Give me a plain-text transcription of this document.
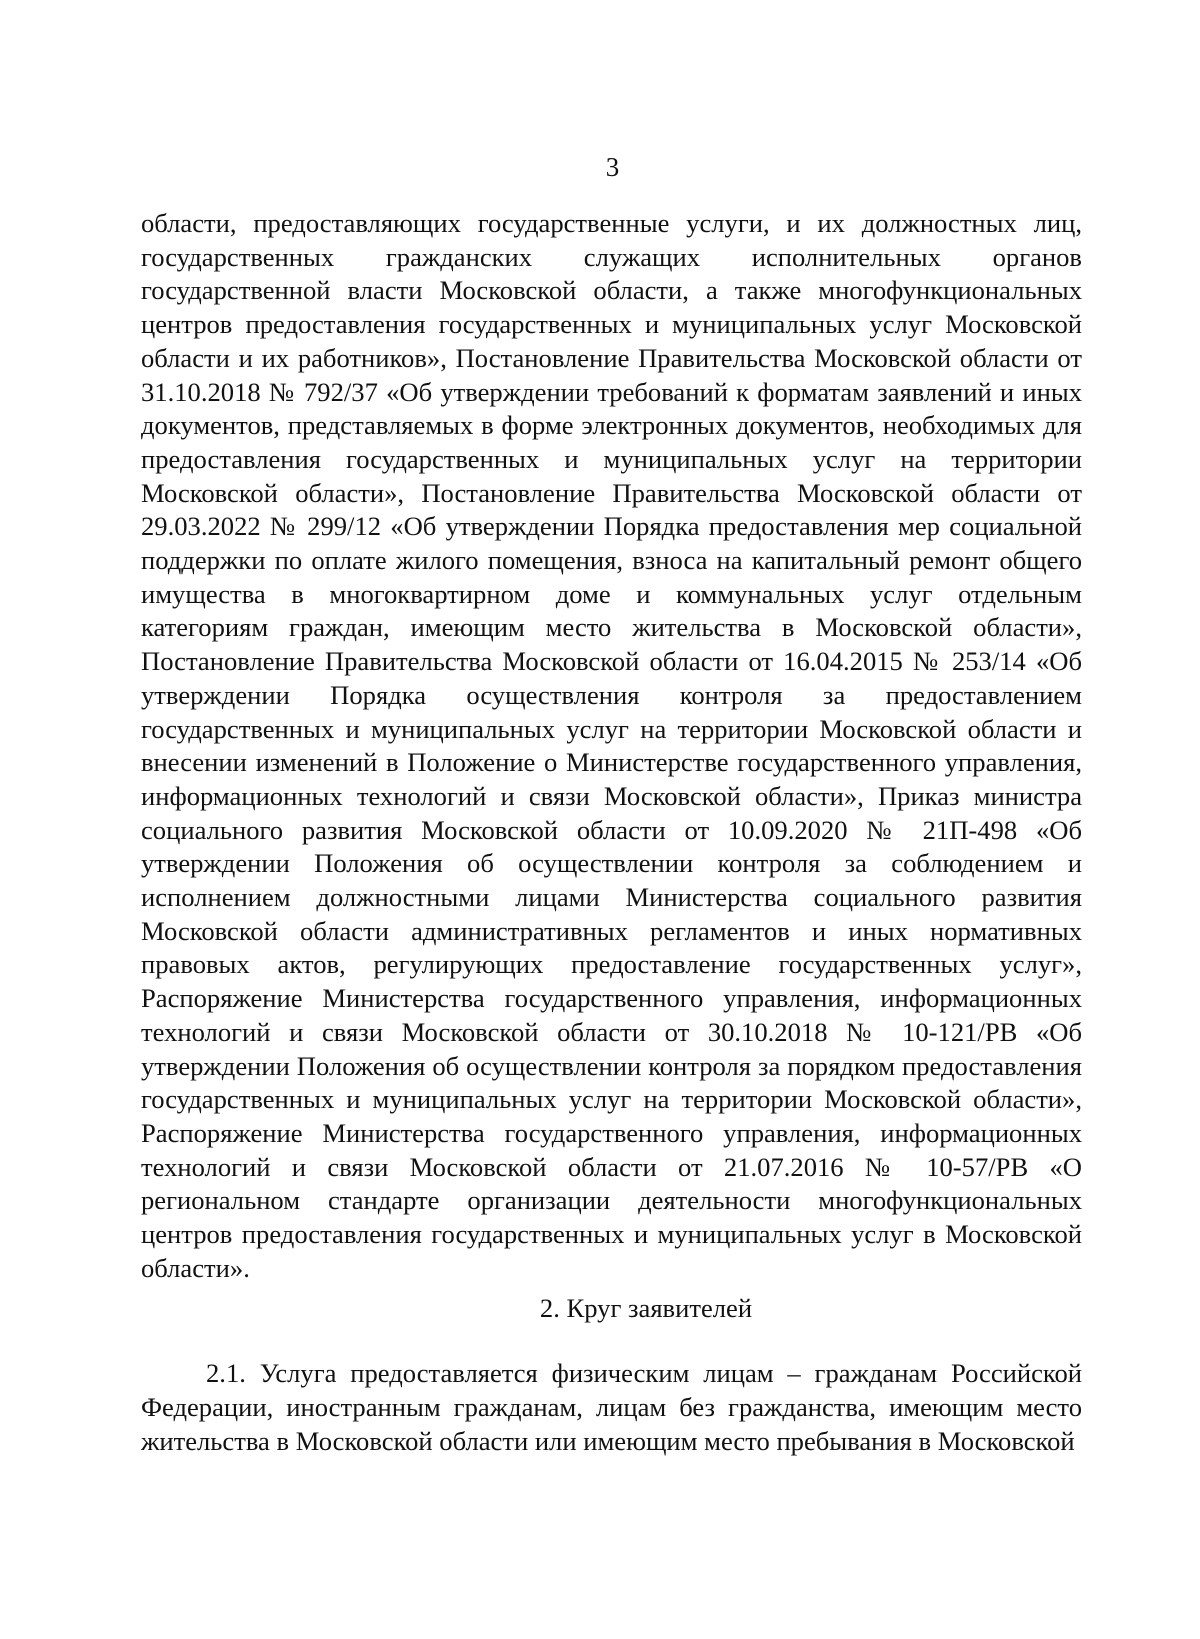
3

области, предоставляющих государственные услуги, и их должностных лиц, государственных гражданских служащих исполнительных органов государственной власти Московской области, а также многофункциональных центров предоставления государственных и муниципальных услуг Московской области и их работников», Постановление Правительства Московской области от 31.10.2018 № 792/37 «Об утверждении требований к форматам заявлений и иных документов, представляемых в форме электронных документов, необходимых для предоставления государственных и муниципальных услуг на территории Московской области», Постановление Правительства Московской области от 29.03.2022 № 299/12 «Об утверждении Порядка предоставления мер социальной поддержки по оплате жилого помещения, взноса на капитальный ремонт общего имущества в многоквартирном доме и коммунальных услуг отдельным категориям граждан, имеющим место жительства в Московской области», Постановление Правительства Московской области от 16.04.2015 № 253/14 «Об утверждении Порядка осуществления контроля за предоставлением государственных и муниципальных услуг на территории Московской области и внесении изменений в Положение о Министерстве государственного управления, информационных технологий и связи Московской области», Приказ министра социального развития Московской области от 10.09.2020 № 21П-498 «Об утверждении Положения об осуществлении контроля за соблюдением и исполнением должностными лицами Министерства социального развития Московской области административных регламентов и иных нормативных правовых актов, регулирующих предоставление государственных услуг», Распоряжение Министерства государственного управления, информационных технологий и связи Московской области от 30.10.2018 № 10-121/РВ «Об утверждении Положения об осуществлении контроля за порядком предоставления государственных и муниципальных услуг на территории Московской области», Распоряжение Министерства государственного управления, информационных технологий и связи Московской области от 21.07.2016 № 10-57/РВ «О региональном стандарте организации деятельности многофункциональных центров предоставления государственных и муниципальных услуг в Московской области».

2. Круг заявителей

2.1. Услуга предоставляется физическим лицам – гражданам Российской Федерации, иностранным гражданам, лицам без гражданства, имеющим место жительства в Московской области или имеющим место пребывания в Московской
